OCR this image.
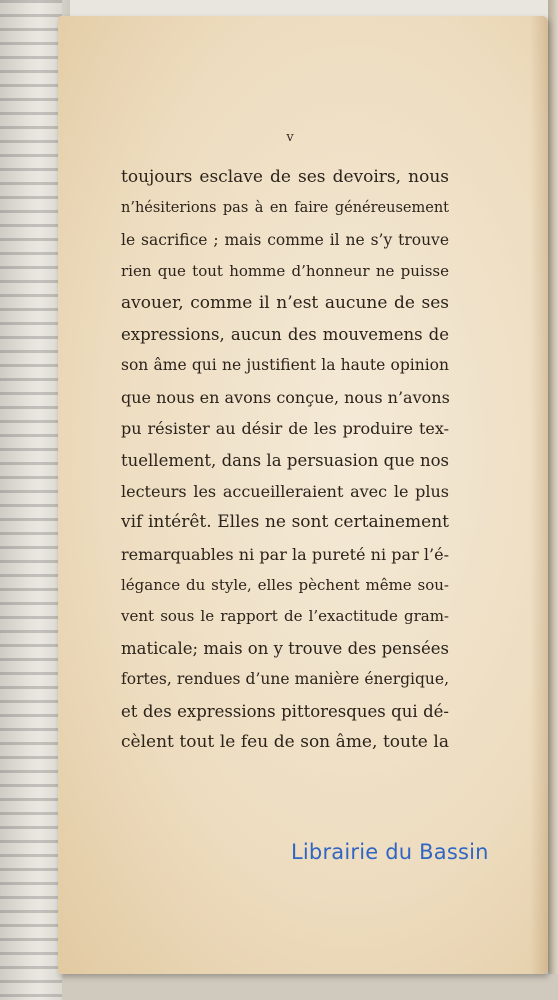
v
toujours esclave de ses devoirs, nous
n’hésiterions pas à en faire généreusement
le sacrifice ; mais comme il ne s’y trouve
rien que tout homme d’honneur ne puisse
avouer, comme il n’est aucune de ses
expressions, aucun des mouvemens de
son âme qui ne justifient la haute opinion
que nous en avons conçue, nous n’avons
pu résister au désir de les produire tex-
tuellement, dans la persuasion que nos
lecteurs les accueilleraient avec le plus
vif intérêt. Elles ne sont certainement
remarquables ni par la pureté ni par l’é-
légance du style, elles pèchent même sou-
vent sous le rapport de l’exactitude gram-
maticale; mais on y trouve des pensées
fortes, rendues d’une manière énergique,
et des expressions pittoresques qui dé-
cèlent tout le feu de son âme, toute la
Librairie du Bassin
